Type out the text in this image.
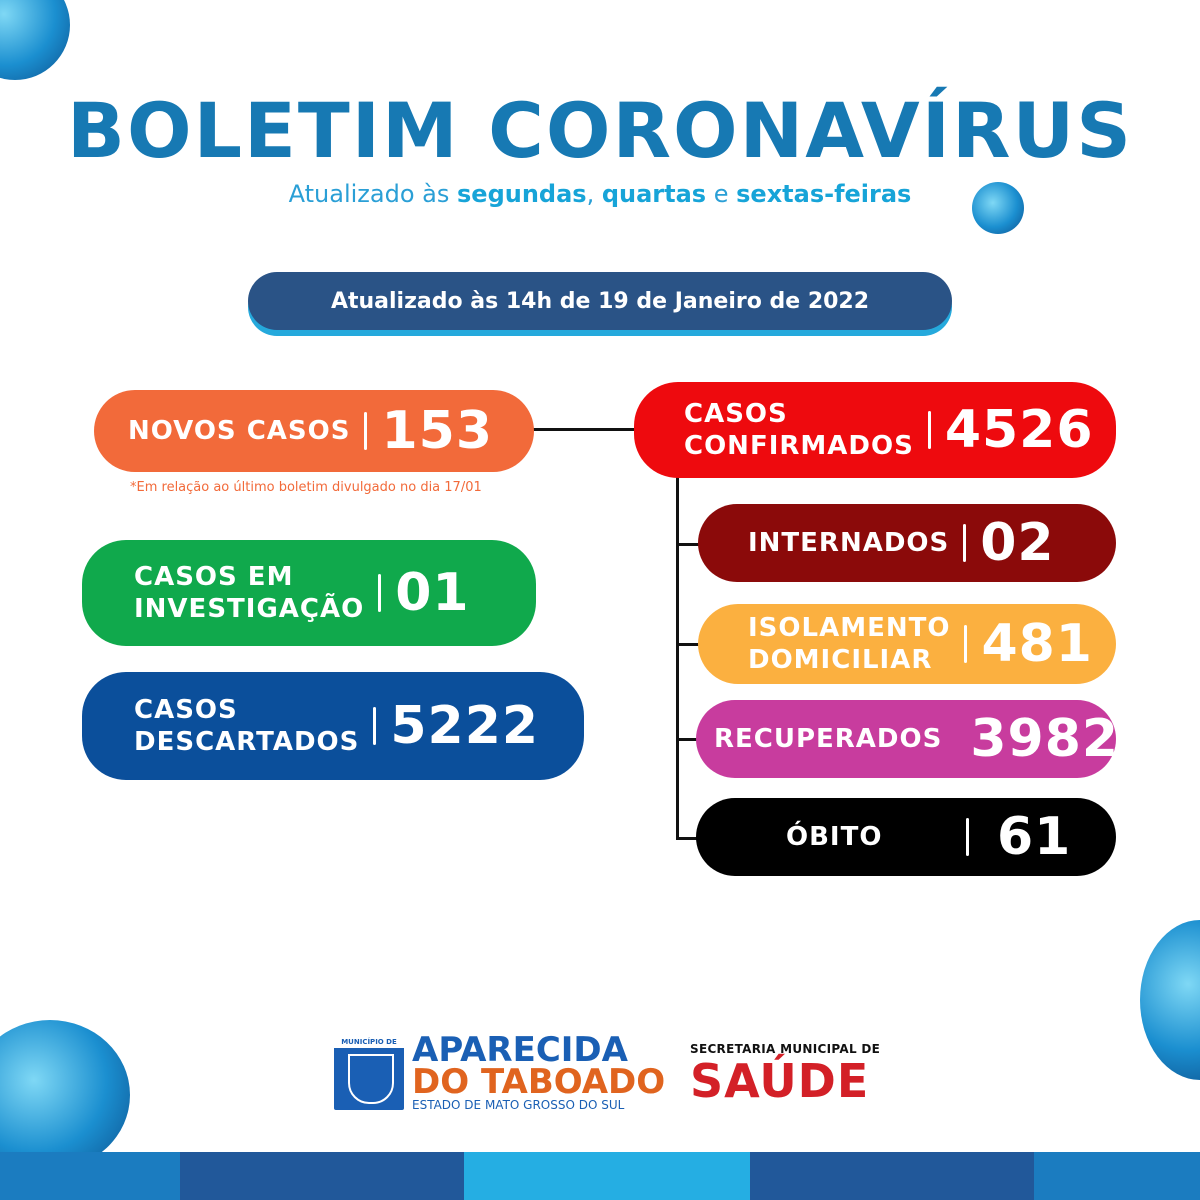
BOLETIM CORONAVÍRUS
Atualizado às segundas, quartas e sextas-feiras
Atualizado às 14h de 19 de Janeiro de 2022
NOVOS CASOS 153
*Em relação ao último boletim divulgado no dia 17/01
CASOS EM
INVESTIGAÇÃO 01
CASOS
DESCARTADOS 5222
CASOS
CONFIRMADOS 4526
INTERNADOS 02
ISOLAMENTO
DOMICILIAR 481
RECUPERADOS 3982
ÓBITO 61
MUNICÍPIO DE APARECIDA
DO TABOADO
ESTADO DE MATO GROSSO DO SUL
SECRETARIA MUNICIPAL DE
SAÚDE
